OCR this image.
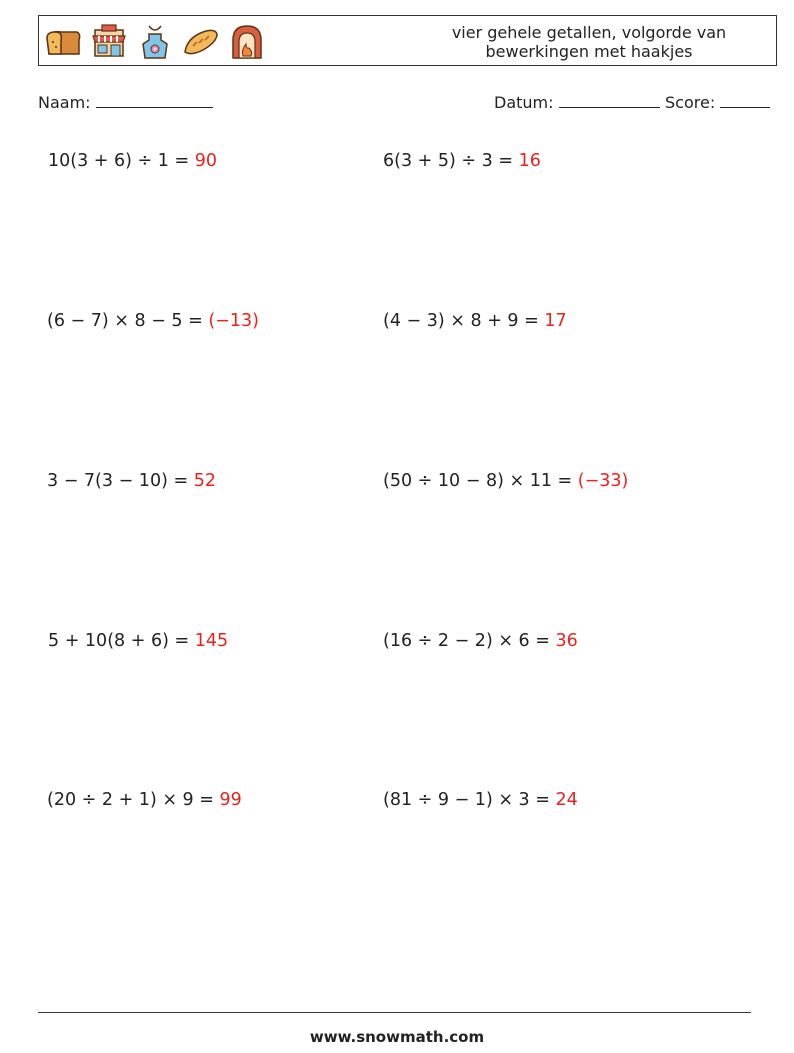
vier gehele getallen, volgorde van
bewerkingen met haakjes
Naam:	Datum:	Score:
10(3 + 6) ÷ 1 = 90	6(3 + 5) ÷ 3 = 16
(6 − 7) × 8 − 5 = (−13)	(4 − 3) × 8 + 9 = 17
3 − 7(3 − 10) = 52	(50 ÷ 10 − 8) × 11 = (−33)
5 + 10(8 + 6) = 145	(16 ÷ 2 − 2) × 6 = 36
(20 ÷ 2 + 1) × 9 = 99	(81 ÷ 9 − 1) × 3 = 24
www.snowmath.com
